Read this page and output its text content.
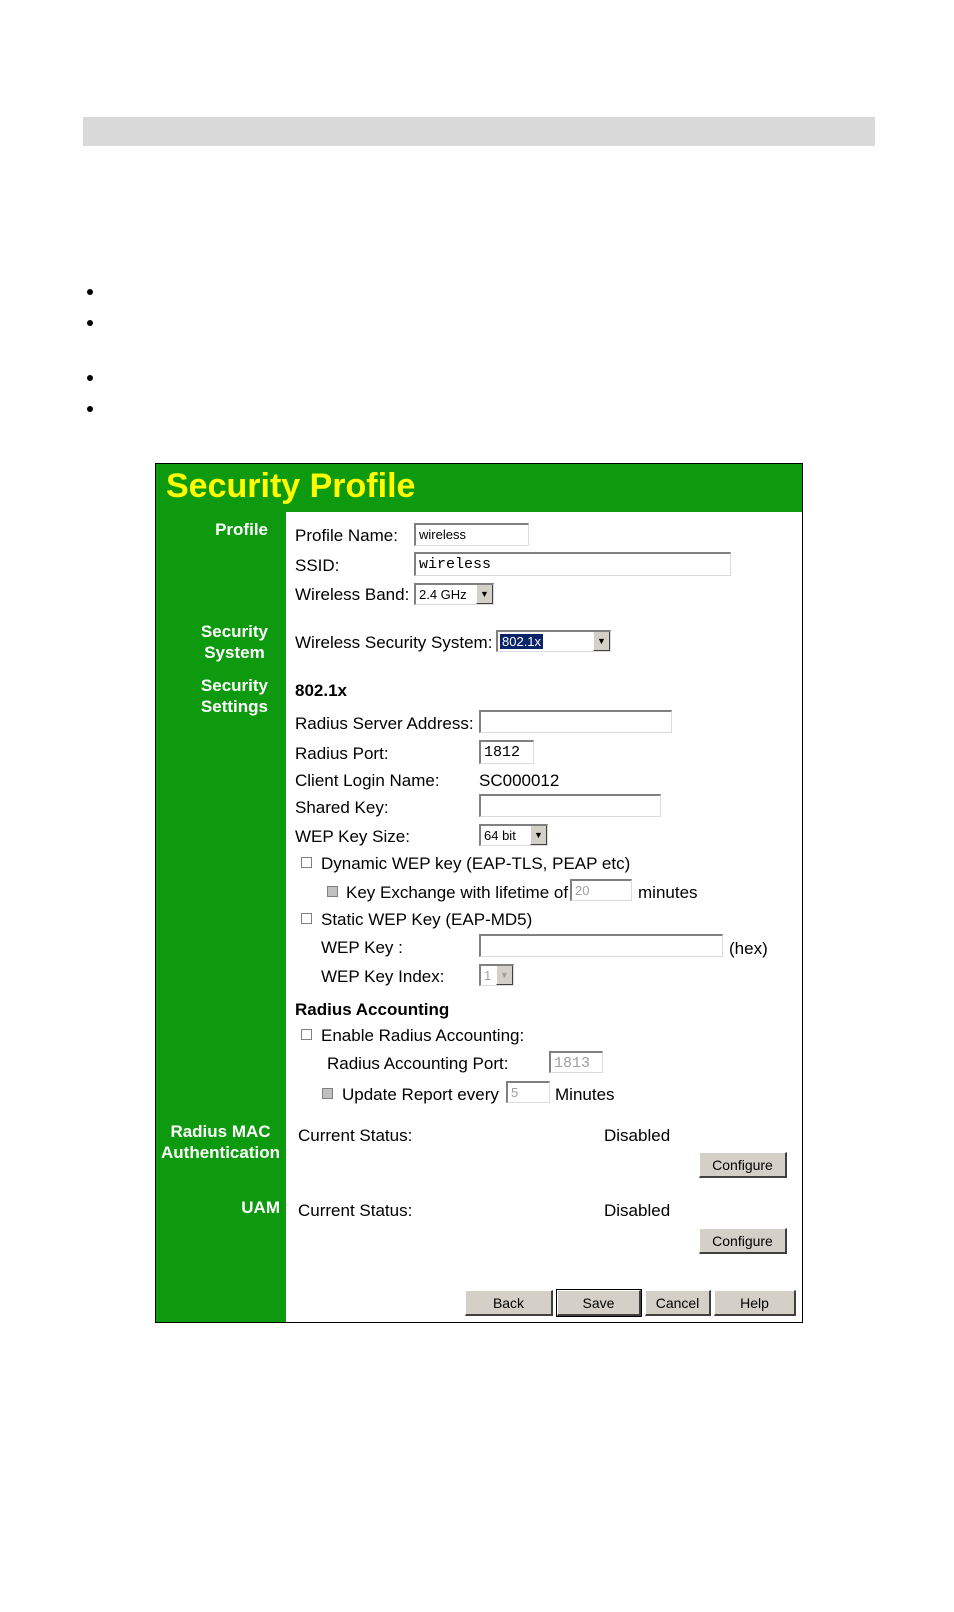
Security Profile
Profile
Security
System
Security
Settings
Radius MAC
Authentication
UAM
Profile Name:	wireless
SSID:	wireless
Wireless Band: 2.4 GHz	▼
Wireless Security System: 802.1x	▼
802.1x
Radius Server Address:
Radius Port:	1812
Client Login Name: SC000012
Shared Key:
WEP Key Size:	64 bit	▼
Dynamic WEP key (EAP-TLS, PEAP etc)
Key Exchange with lifetime of 20	minutes
Static WEP Key (EAP-MD5)
WEP Key :	(hex)
WEP Key Index:	1 ▼
Radius Accounting
Enable Radius Accounting:
Radius Accounting Port:	1813
Update Report every 5	Minutes
Current Status:	Disabled
Configure
Current Status:	Disabled
Configure
Back	Save	Cancel	Help
